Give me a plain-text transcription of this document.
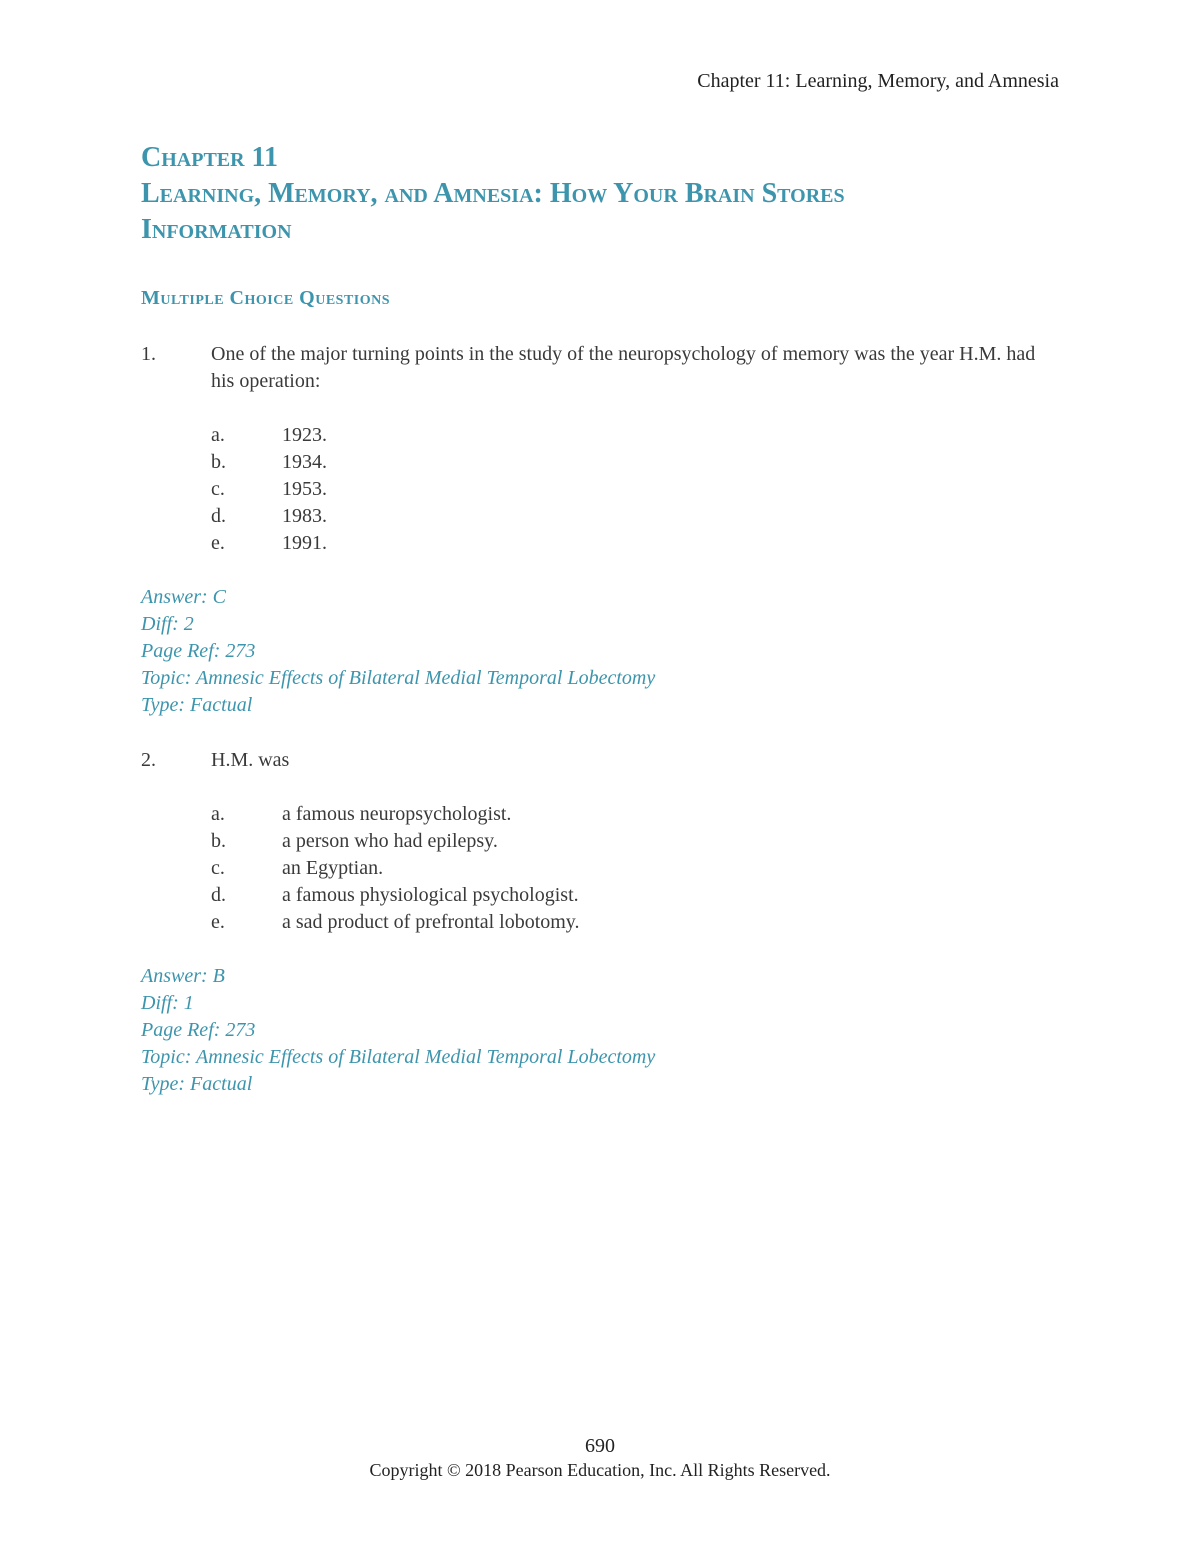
Chapter 11: Learning, Memory, and Amnesia
Chapter 11
Learning, Memory, and Amnesia: How Your Brain Stores
Information
Multiple Choice Questions
1.	One of the major turning points in the study of the neuropsychology of memory was the year H.M. had his operation:
a.	1923.
b.	1934.
c.	1953.
d.	1983.
e.	1991.
Answer: C
Diff: 2
Page Ref: 273
Topic: Amnesic Effects of Bilateral Medial Temporal Lobectomy
Type: Factual
2.	H.M. was
a.	a famous neuropsychologist.
b.	a person who had epilepsy.
c.	an Egyptian.
d.	a famous physiological psychologist.
e.	a sad product of prefrontal lobotomy.
Answer: B
Diff: 1
Page Ref: 273
Topic: Amnesic Effects of Bilateral Medial Temporal Lobectomy
Type: Factual
690
Copyright © 2018 Pearson Education, Inc. All Rights Reserved.
